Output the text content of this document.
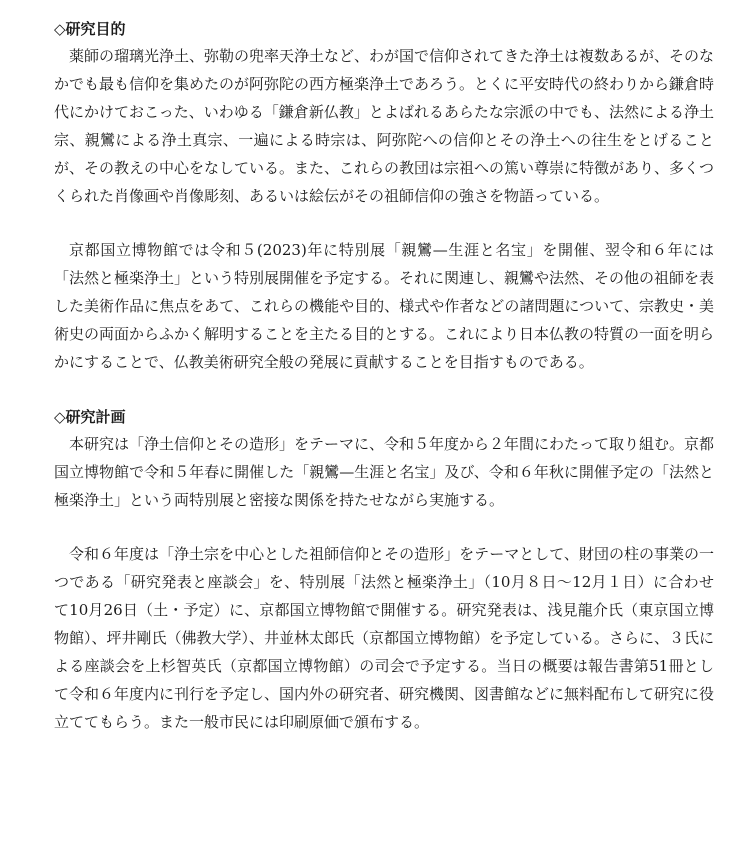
◇研究目的

薬師の瑠璃光浄土、弥勒の兜率天浄土など、わが国で信仰されてきた浄土は複数あるが、そのなかでも最も信仰を集めたのが阿弥陀の西方極楽浄土であろう。とくに平安時代の終わりから鎌倉時代にかけておこった、いわゆる「鎌倉新仏教」とよばれるあらたな宗派の中でも、法然による浄土宗、親鸞による浄土真宗、一遍による時宗は、阿弥陀への信仰とその浄土への往生をとげることが、その教えの中心をなしている。また、これらの教団は宗祖への篤い尊崇に特徴があり、多くつくられた肖像画や肖像彫刻、あるいは絵伝がその祖師信仰の強さを物語っている。

京都国立博物館では令和５(2023)年に特別展「親鸞—生涯と名宝」を開催、翌令和６年には「法然と極楽浄土」という特別展開催を予定する。それに関連し、親鸞や法然、その他の祖師を表した美術作品に焦点をあて、これらの機能や目的、様式や作者などの諸問題について、宗教史・美術史の両面からふかく解明することを主たる目的とする。これにより日本仏教の特質の一面を明らかにすることで、仏教美術研究全般の発展に貢献することを目指すものである。

◇研究計画

本研究は「浄土信仰とその造形」をテーマに、令和５年度から２年間にわたって取り組む。京都国立博物館で令和５年春に開催した「親鸞—生涯と名宝」及び、令和６年秋に開催予定の「法然と極楽浄土」という両特別展と密接な関係を持たせながら実施する。

令和６年度は「浄土宗を中心とした祖師信仰とその造形」をテーマとして、財団の柱の事業の一つである「研究発表と座談会」を、特別展「法然と極楽浄土」（10月８日〜12月１日）に合わせて10月26日（土・予定）に、京都国立博物館で開催する。研究発表は、浅見龍介氏（東京国立博物館）、坪井剛氏（佛教大学）、井並林太郎氏（京都国立博物館）を予定している。さらに、３氏による座談会を上杉智英氏（京都国立博物館）の司会で予定する。当日の概要は報告書第51冊として令和６年度内に刊行を予定し、国内外の研究者、研究機関、図書館などに無料配布して研究に役立ててもらう。また一般市民には印刷原価で頒布する。
